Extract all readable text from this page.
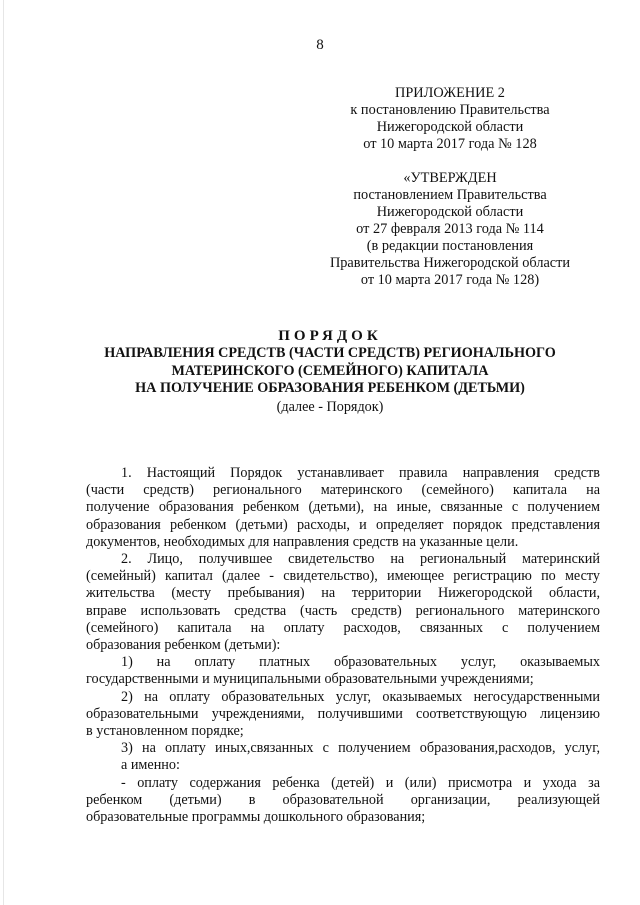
8
ПРИЛОЖЕНИЕ 2
к постановлению Правительства
Нижегородской области
от 10 марта 2017 года № 128
«УТВЕРЖДЕН
постановлением Правительства
Нижегородской области
от 27 февраля 2013 года № 114
(в редакции постановления
Правительства Нижегородской области
от 10 марта 2017 года № 128)
ПОРЯДОК
НАПРАВЛЕНИЯ СРЕДСТВ (ЧАСТИ СРЕДСТВ) РЕГИОНАЛЬНОГО
МАТЕРИНСКОГО (СЕМЕЙНОГО) КАПИТАЛА
НА ПОЛУЧЕНИЕ ОБРАЗОВАНИЯ РЕБЕНКОМ (ДЕТЬМИ)
(далее - Порядок)
1. Настоящий Порядок устанавливает правила направления средств
(части средств) регионального материнского (семейного) капитала на
получение образования ребенком (детьми), на иные, связанные с получением
образования ребенком (детьми) расходы, и определяет порядок представления
документов, необходимых для направления средств на указанные цели.
2. Лицо, получившее свидетельство на региональный материнский
(семейный) капитал (далее - свидетельство), имеющее регистрацию по месту
жительства (месту пребывания) на территории Нижегородской области,
вправе использовать средства (часть средств) регионального материнского
(семейного) капитала на оплату расходов, связанных с получением
образования ребенком (детьми):
1) на оплату платных образовательных услуг, оказываемых
государственными и муниципальными образовательными учреждениями;
2) на оплату образовательных услуг, оказываемых негосударственными
образовательными учреждениями, получившими соответствующую лицензию
в установленном порядке;
3) на оплату иных,связанных с получением образования,расходов, услуг,
а именно:
- оплату содержания ребенка (детей) и (или) присмотра и ухода за
ребенком (детьми) в образовательной организации, реализующей
образовательные программы дошкольного образования;
